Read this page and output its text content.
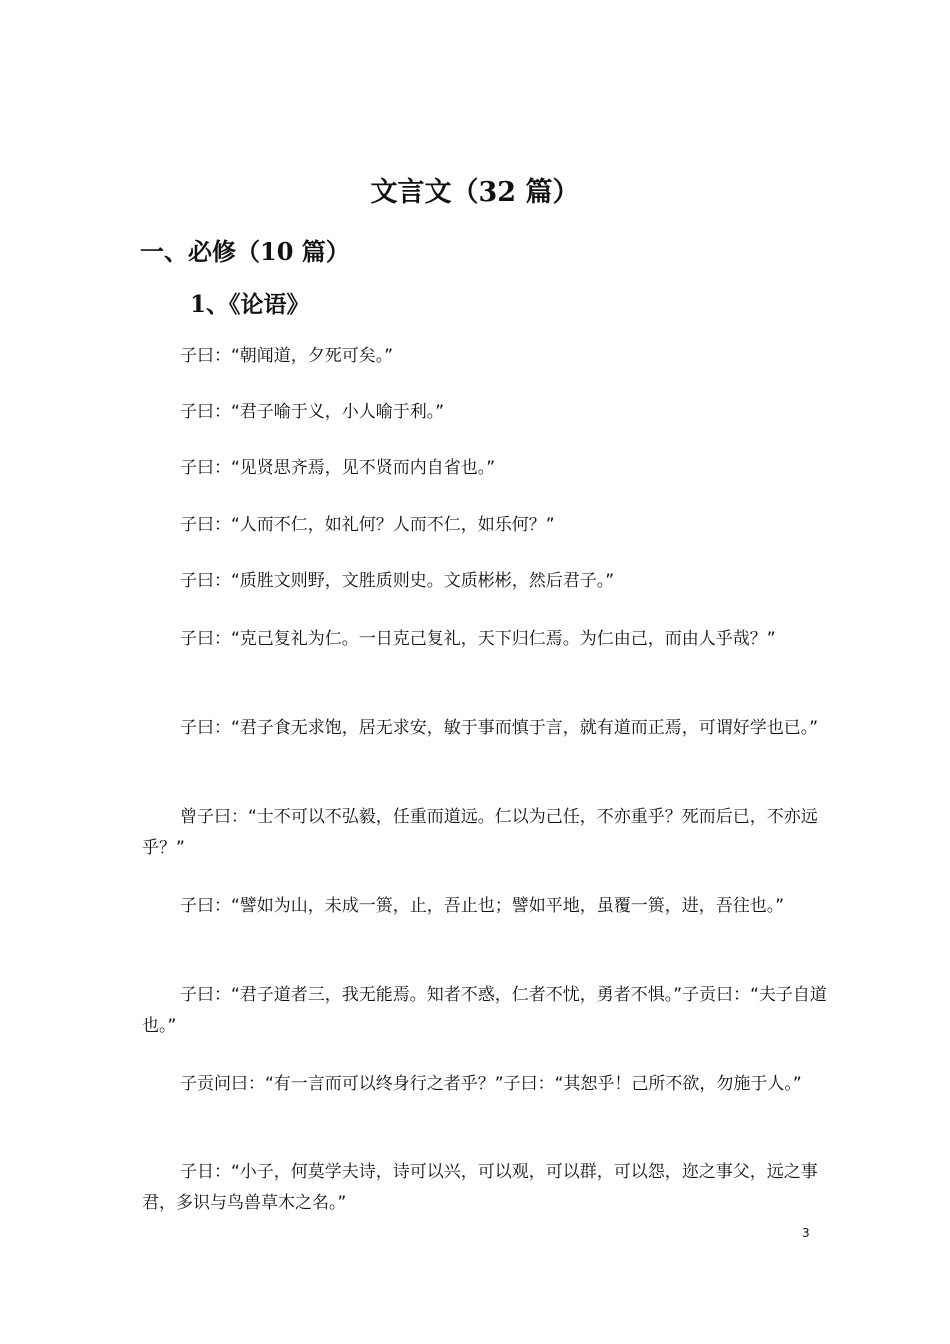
文言文（32 篇）
一、必修（10 篇）
1、《论语》
子曰：“朝闻道，夕死可矣。”
子曰：“君子喻于义，小人喻于利。”
子曰：“见贤思齐焉，见不贤而内自省也。”
子曰：“人而不仁，如礼何？人而不仁，如乐何？”
子曰：“质胜文则野，文胜质则史。文质彬彬，然后君子。”
子曰：“克己复礼为仁。一日克己复礼，天下归仁焉。为仁由己，而由人乎哉？”
子曰：“君子食无求饱，居无求安，敏于事而慎于言，就有道而正焉，可谓好学也已。”
曾子曰：“士不可以不弘毅，任重而道远。仁以为己任，不亦重乎？死而后已，不亦远乎？”
子曰：“譬如为山，未成一篑，止，吾止也；譬如平地，虽覆一篑，进，吾往也。”
子曰：“君子道者三，我无能焉。知者不惑，仁者不忧，勇者不惧。”子贡曰：“夫子自道也。”
子贡问曰：“有一言而可以终身行之者乎？”子曰：“其恕乎！己所不欲，勿施于人。”
子日：“小子，何莫学夫诗，诗可以兴，可以观，可以群，可以怨，迩之事父，远之事君，多识与鸟兽草木之名。”
3
